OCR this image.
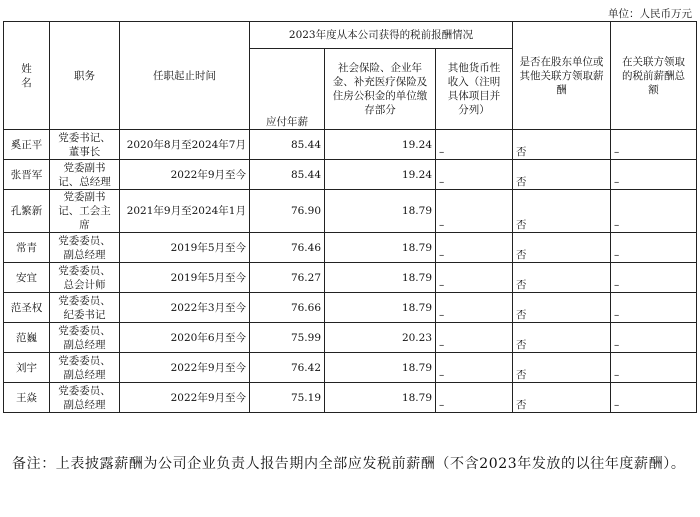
单位：人民币万元
姓名	职务	任职起止时间	2023年度从本公司获得的税前报酬情况			是否在股东单位或其他关联方领取薪酬	在关联方领取的税前薪酬总额
			应付年薪	社会保险、企业年金、补充医疗保险及住房公积金的单位缴存部分	其他货币性收入（注明具体项目并分列）		
奚正平	党委书记、董事长	2020年8月至2024年7月	85.44	19.24	–	否	–
张晋军	党委副书记、总经理	2022年9月至今	85.44	19.24	–	否	–
孔繁新	党委副书记、工会主席	2021年9月至2024年1月	76.90	18.79	–	否	–
常青	党委委员、副总经理	2019年5月至今	76.46	18.79	–	否	–
安宜	党委委员、总会计师	2019年5月至今	76.27	18.79	–	否	–
范圣权	党委委员、纪委书记	2022年3月至今	76.66	18.79	–	否	–
范巍	党委委员、副总经理	2020年6月至今	75.99	20.23	–	否	–
刘宇	党委委员、副总经理	2022年9月至今	76.42	18.79	–	否	–
王焱	党委委员、副总经理	2022年9月至今	75.19	18.79	–	否	–
备注：上表披露薪酬为公司企业负责人报告期内全部应发税前薪酬（不含2023年发放的以往年度薪酬）。
